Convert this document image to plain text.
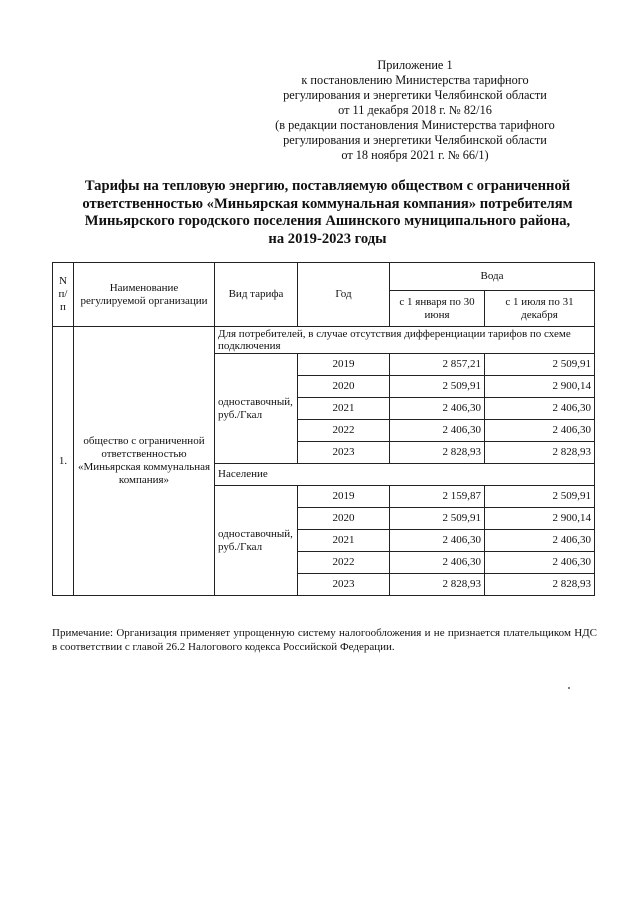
Приложение 1
к постановлению Министерства тарифного
регулирования и энергетики Челябинской области
от 11 декабря 2018 г. № 82/16
(в редакции постановления Министерства тарифного
регулирования и энергетики Челябинской области
от 18 ноября 2021 г. № 66/1)
Тарифы на тепловую энергию, поставляемую обществом с ограниченной
ответственностью «Миньярская коммунальная компания» потребителям
Миньярского городского поселения Ашинского муниципального района,
на 2019-2023 годы
N п/п	Наименование регулируемой организации	Вид тарифа	Год	Вода	
				с 1 января по 30 июня	с 1 июля по 31 декабря
1.	общество с ограниченной ответственностью «Миньярская коммунальная компания»	Для потребителей, в случае отсутствия дифференциации тарифов по схеме подключения			
		одноставочный, руб./Гкал	2019	2 857,21	2 509,91
			2020	2 509,91	2 900,14
			2021	2 406,30	2 406,30
			2022	2 406,30	2 406,30
			2023	2 828,93	2 828,93
		Население			
		одноставочный, руб./Гкал	2019	2 159,87	2 509,91
			2020	2 509,91	2 900,14
			2021	2 406,30	2 406,30
			2022	2 406,30	2 406,30
			2023	2 828,93	2 828,93
Примечание: Организация применяет упрощенную систему налогообложения и не признается плательщиком НДС в соответствии с главой 26.2 Налогового кодекса Российской Федерации.
